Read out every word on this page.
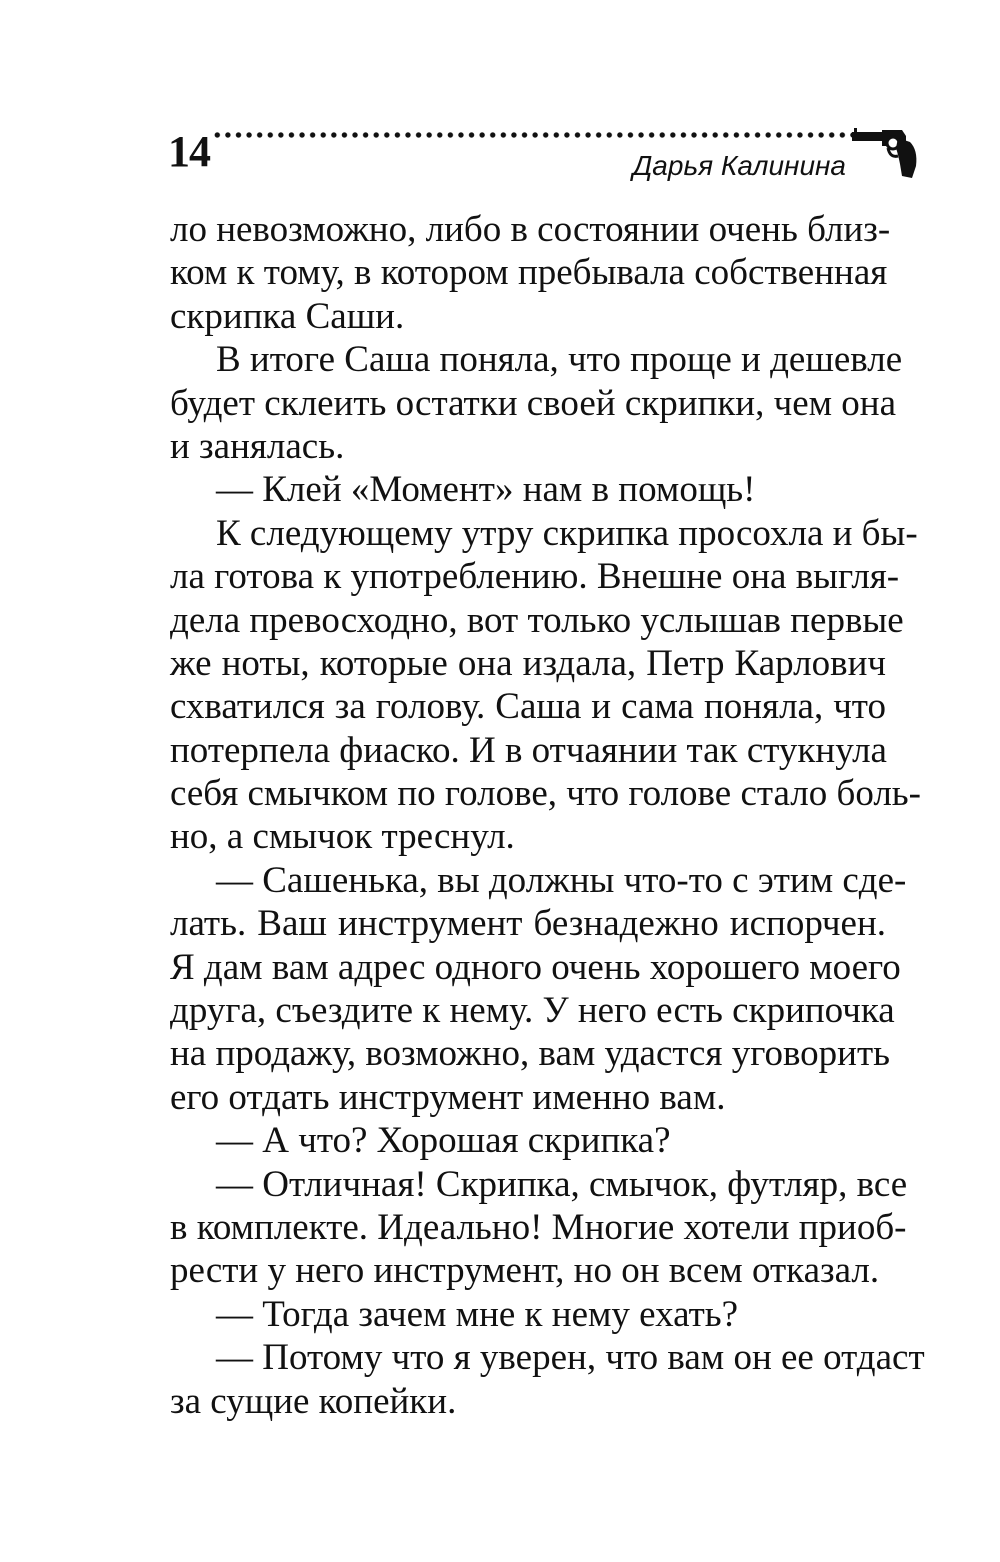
14	Дарья Калинина
ло невозможно, либо в состоянии очень близ-
ком к тому, в котором пребывала собственная
скрипка Саши.
В итоге Саша поняла, что проще и дешевле
будет склеить остатки своей скрипки, чем она
и занялась.
— Клей «Момент» нам в помощь!
К следующему утру скрипка просохла и бы-
ла готова к употреблению. Внешне она выгля-
дела превосходно, вот только услышав первые
же ноты, которые она издала, Петр Карлович
схватился за голову. Саша и сама поняла, что
потерпела фиаско. И в отчаянии так стукнула
себя смычком по голове, что голове стало боль-
но, а смычок треснул.
— Сашенька, вы должны что-то с этим сде-
лать. Ваш инструмент безнадежно испорчен.
Я дам вам адрес одного очень хорошего моего
друга, съездите к нему. У него есть скрипочка
на продажу, возможно, вам удастся уговорить
его отдать инструмент именно вам.
— А что? Хорошая скрипка?
— Отличная! Скрипка, смычок, футляр, все
в комплекте. Идеально! Многие хотели приоб-
рести у него инструмент, но он всем отказал.
— Тогда зачем мне к нему ехать?
— Потому что я уверен, что вам он ее отдаст
за сущие копейки.
